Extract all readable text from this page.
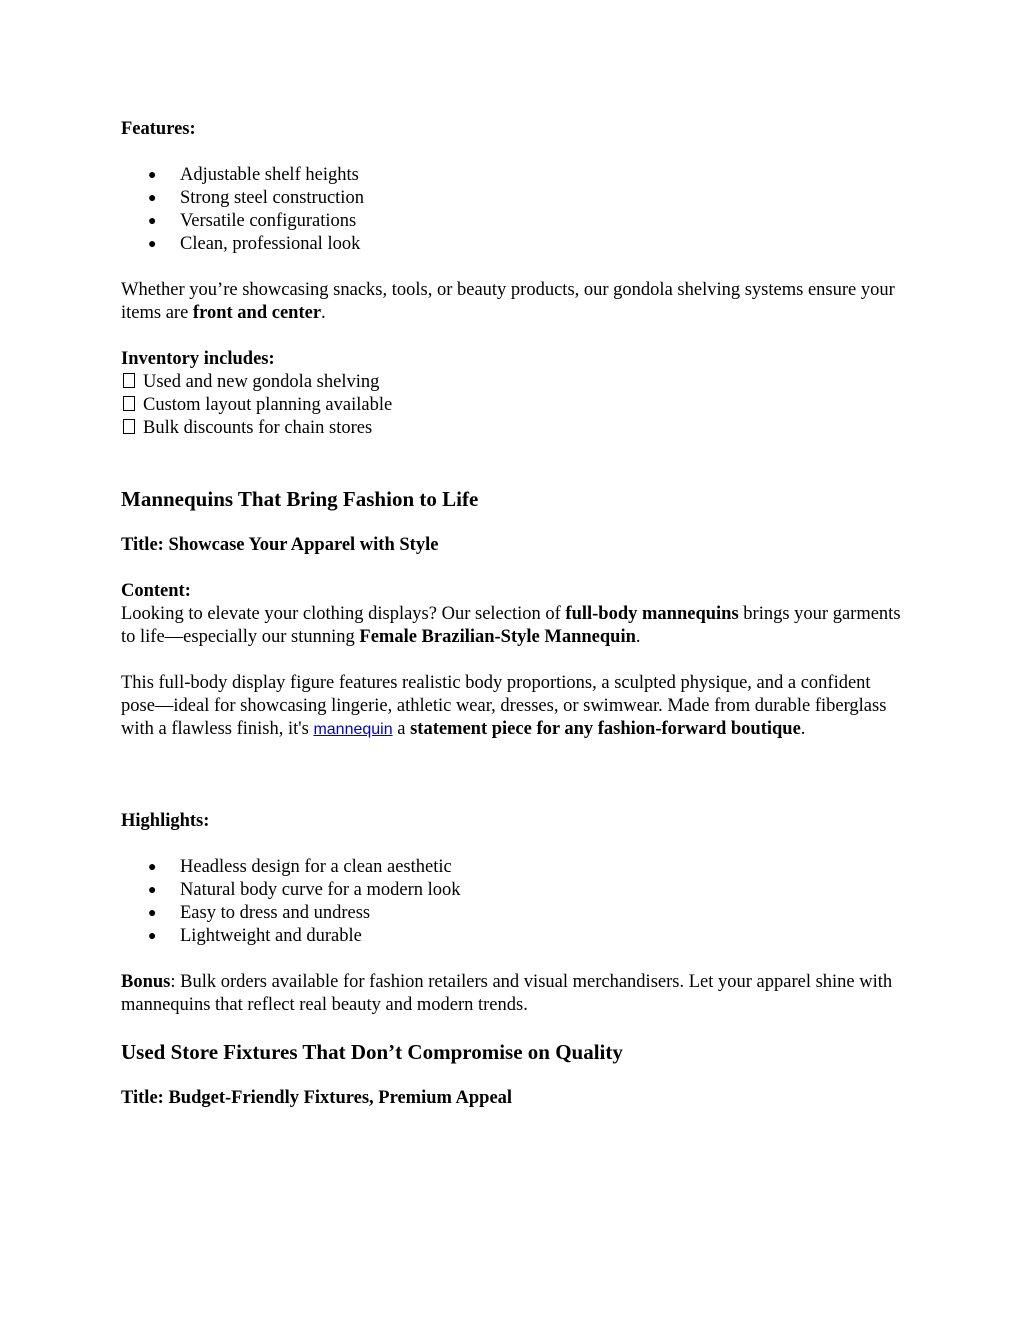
Features:

● Adjustable shelf heights
● Strong steel construction
● Versatile configurations
● Clean, professional look

Whether you’re showcasing snacks, tools, or beauty products, our gondola shelving systems ensure your items are front and center.

Inventory includes:

Used and new gondola shelving

Custom layout planning available

Bulk discounts for chain stores

Mannequins That Bring Fashion to Life

Title: Showcase Your Apparel with Style

Content:

Looking to elevate your clothing displays? Our selection of full-body mannequins brings your garments to life—especially our stunning Female Brazilian-Style Mannequin.

This full-body display figure features realistic body proportions, a sculpted physique, and a confident pose—ideal for showcasing lingerie, athletic wear, dresses, or swimwear. Made from durable fiberglass with a flawless finish, it's mannequin a statement piece for any fashion-forward boutique.

Highlights:

● Headless design for a clean aesthetic
● Natural body curve for a modern look
● Easy to dress and undress
● Lightweight and durable

Bonus: Bulk orders available for fashion retailers and visual merchandisers. Let your apparel shine with mannequins that reflect real beauty and modern trends.

Used Store Fixtures That Don’t Compromise on Quality

Title: Budget-Friendly Fixtures, Premium Appeal
